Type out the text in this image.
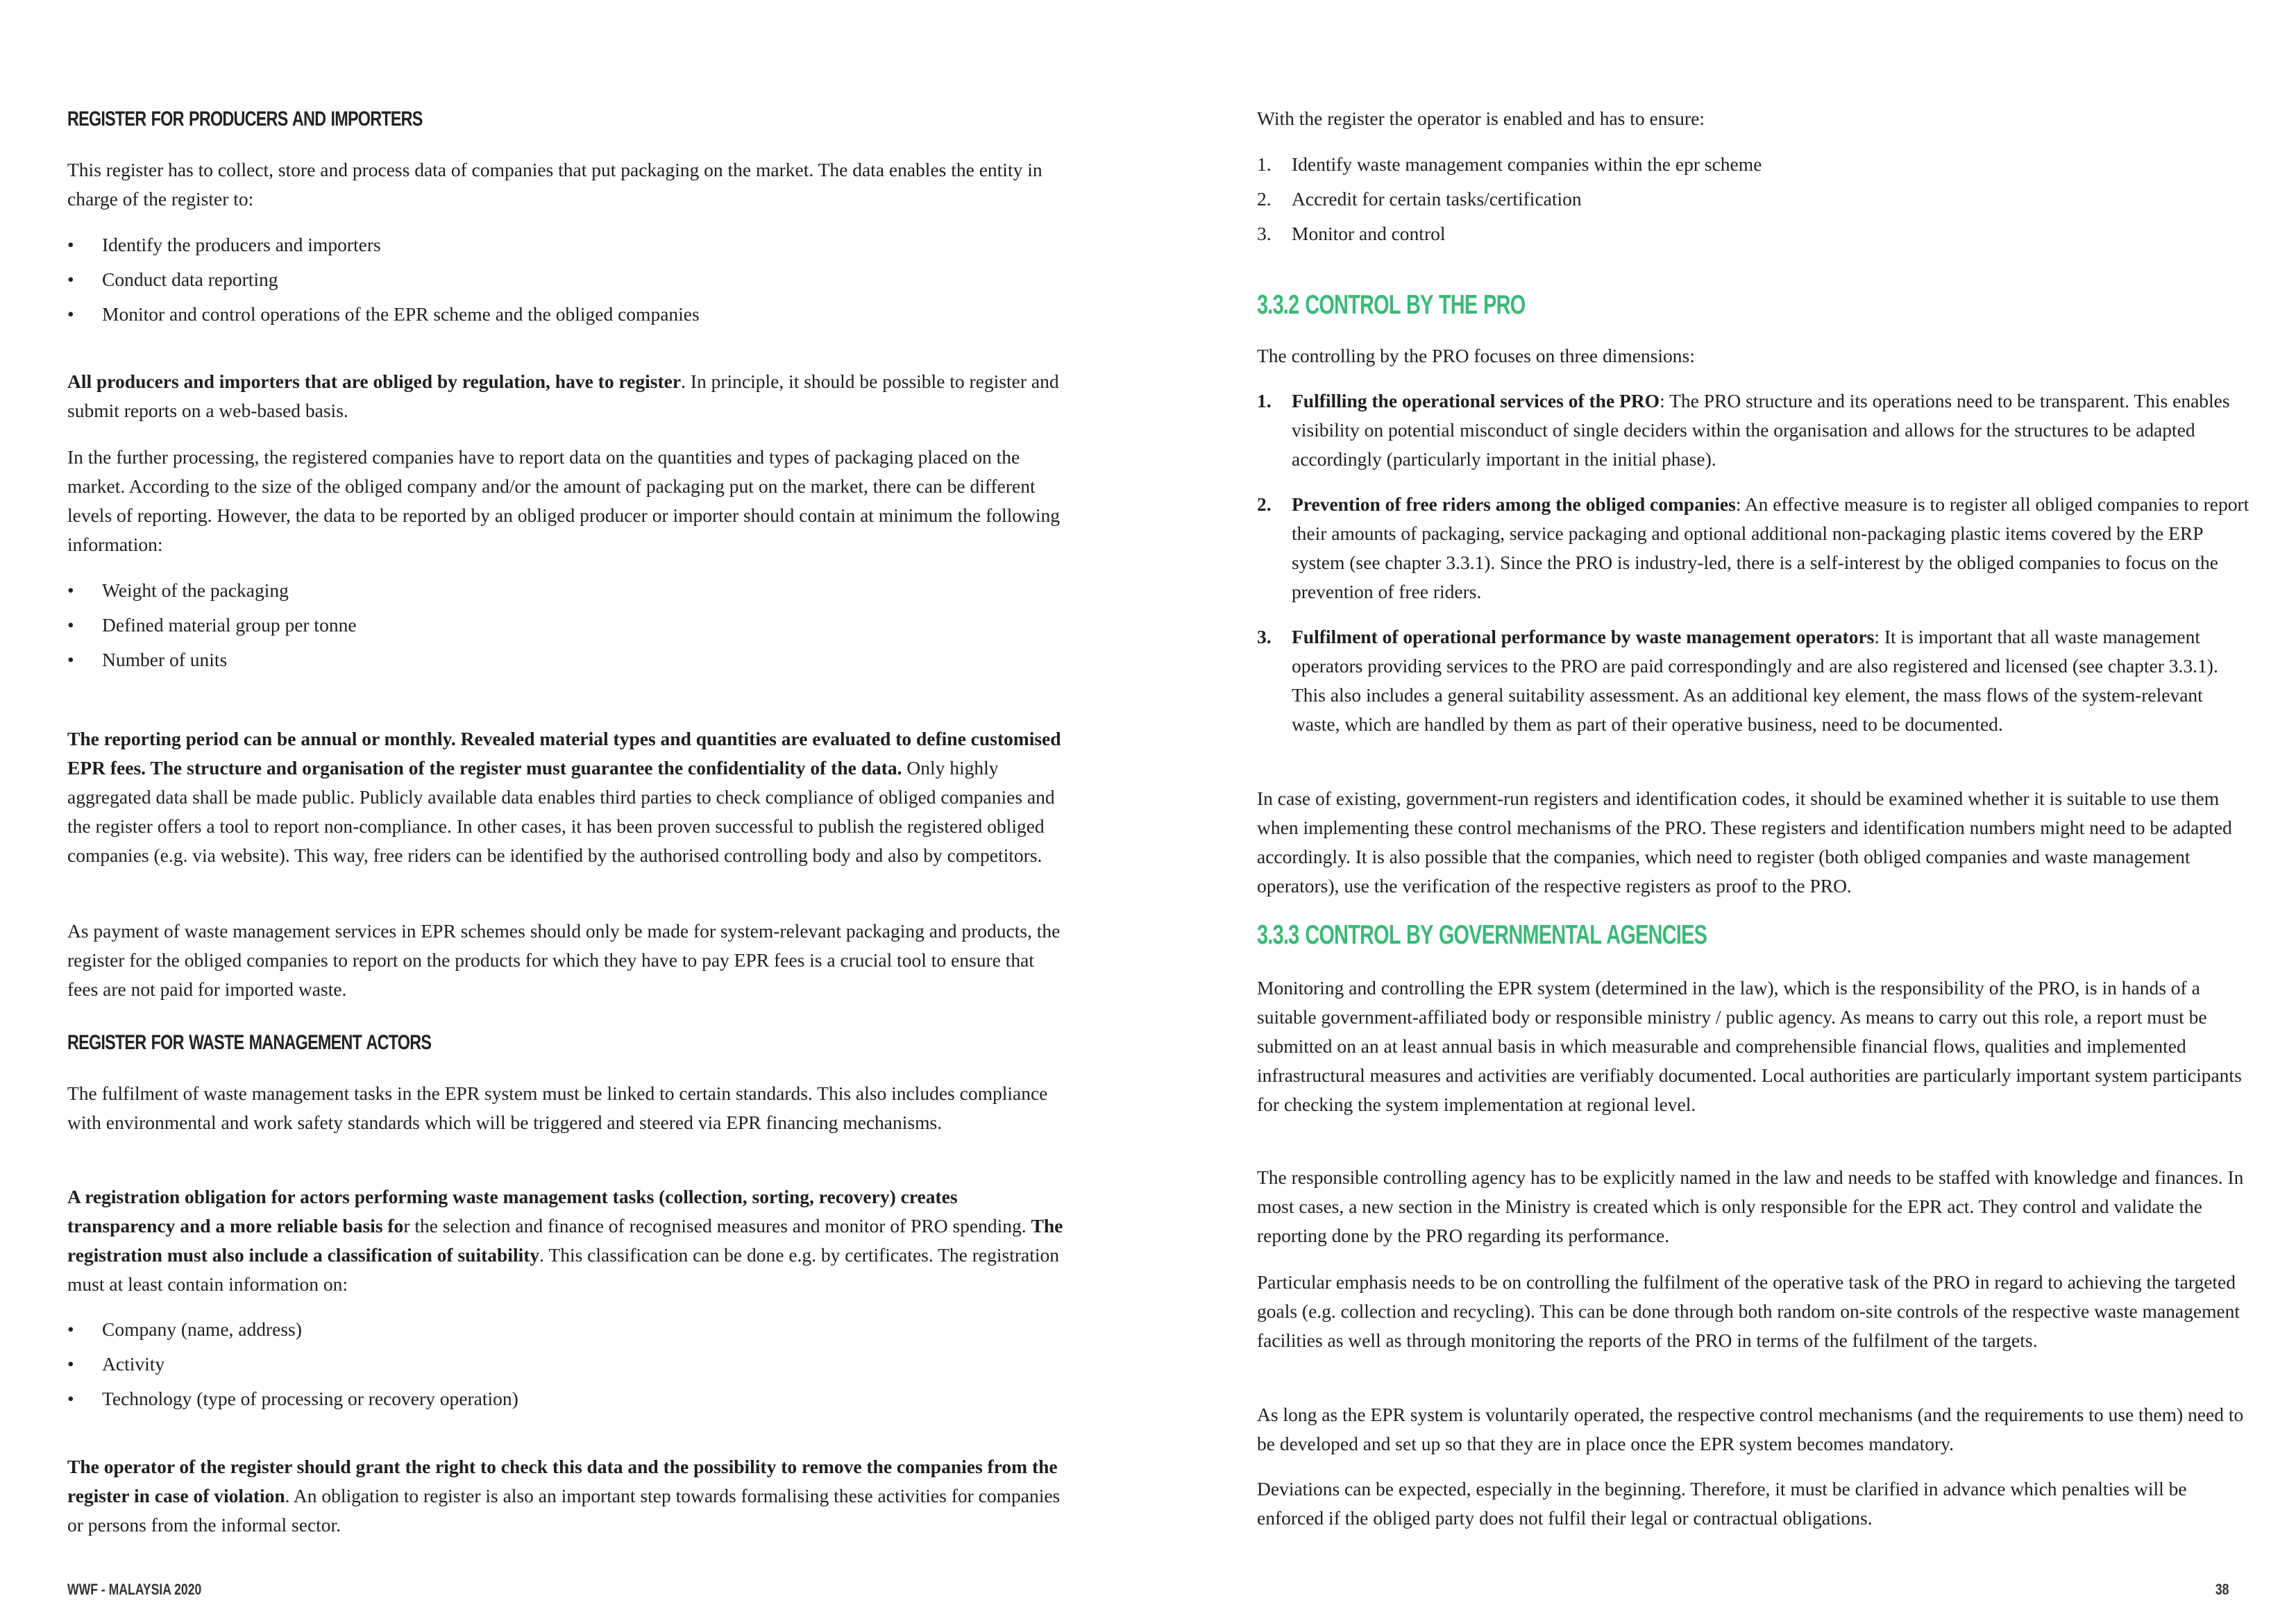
REGISTER FOR PRODUCERS AND IMPORTERS

This register has to collect, store and process data of companies that put packaging on the market. The data enables the entity in charge of the register to:

• Identify the producers and importers
• Conduct data reporting
• Monitor and control operations of the EPR scheme and the obliged companies

All producers and importers that are obliged by regulation, have to register. In principle, it should be possible to register and submit reports on a web-based basis.

In the further processing, the registered companies have to report data on the quantities and types of packaging placed on the market. According to the size of the obliged company and/or the amount of packaging put on the market, there can be different levels of reporting. However, the data to be reported by an obliged producer or importer should contain at minimum the following information:

• Weight of the packaging
• Defined material group per tonne
• Number of units

The reporting period can be annual or monthly. Revealed material types and quantities are evaluated to define customised EPR fees. The structure and organisation of the register must guarantee the confidentiality of the data. Only highly aggregated data shall be made public. Publicly available data enables third parties to check compliance of obliged companies and the register offers a tool to report non-compliance. In other cases, it has been proven successful to publish the registered obliged companies (e.g. via website). This way, free riders can be identified by the authorised controlling body and also by competitors.

As payment of waste management services in EPR schemes should only be made for system-relevant packaging and products, the register for the obliged companies to report on the products for which they have to pay EPR fees is a crucial tool to ensure that fees are not paid for imported waste.

REGISTER FOR WASTE MANAGEMENT ACTORS

The fulfilment of waste management tasks in the EPR system must be linked to certain standards. This also includes compliance with environmental and work safety standards which will be triggered and steered via EPR financing mechanisms.

A registration obligation for actors performing waste management tasks (collection, sorting, recovery) creates transparency and a more reliable basis for the selection and finance of recognised measures and monitor of PRO spending. The registration must also include a classification of suitability. This classification can be done e.g. by certificates. The registration must at least contain information on:

• Company (name, address)
• Activity
• Technology (type of processing or recovery operation)

The operator of the register should grant the right to check this data and the possibility to remove the companies from the register in case of violation. An obligation to register is also an important step towards formalising these activities for companies or persons from the informal sector.

With the register the operator is enabled and has to ensure:

1. Identify waste management companies within the epr scheme
2. Accredit for certain tasks/certification
3. Monitor and control
3.3.2 CONTROL BY THE PRO

The controlling by the PRO focuses on three dimensions:

1. Fulfilling the operational services of the PRO: The PRO structure and its operations need to be transparent. This enables visibility on potential misconduct of single deciders within the organisation and allows for the structures to be adapted accordingly (particularly important in the initial phase).
2. Prevention of free riders among the obliged companies: An effective measure is to register all obliged companies to report their amounts of packaging, service packaging and optional additional non-packaging plastic items covered by the ERP system (see chapter 3.3.1). Since the PRO is industry-led, there is a self-interest by the obliged companies to focus on the prevention of free riders.
3. Fulfilment of operational performance by waste management operators: It is important that all waste management operators providing services to the PRO are paid correspondingly and are also registered and licensed (see chapter 3.3.1). This also includes a general suitability assessment. As an additional key element, the mass flows of the system-relevant waste, which are handled by them as part of their operative business, need to be documented.

In case of existing, government-run registers and identification codes, it should be examined whether it is suitable to use them when implementing these control mechanisms of the PRO. These registers and identification numbers might need to be adapted accordingly. It is also possible that the companies, which need to register (both obliged companies and waste management operators), use the verification of the respective registers as proof to the PRO.

3.3.3 CONTROL BY GOVERNMENTAL AGENCIES

Monitoring and controlling the EPR system (determined in the law), which is the responsibility of the PRO, is in hands of a suitable government-affiliated body or responsible ministry / public agency. As means to carry out this role, a report must be submitted on an at least annual basis in which measurable and comprehensible financial flows, qualities and implemented infrastructural measures and activities are verifiably documented. Local authorities are particularly important system participants for checking the system implementation at regional level.

The responsible controlling agency has to be explicitly named in the law and needs to be staffed with knowledge and finances. In most cases, a new section in the Ministry is created which is only responsible for the EPR act. They control and validate the reporting done by the PRO regarding its performance.

Particular emphasis needs to be on controlling the fulfilment of the operative task of the PRO in regard to achieving the targeted goals (e.g. collection and recycling). This can be done through both random on-site controls of the respective waste management facilities as well as through monitoring the reports of the PRO in terms of the fulfilment of the targets.

As long as the EPR system is voluntarily operated, the respective control mechanisms (and the requirements to use them) need to be developed and set up so that they are in place once the EPR system becomes mandatory.

Deviations can be expected, especially in the beginning. Therefore, it must be clarified in advance which penalties will be enforced if the obliged party does not fulfil their legal or contractual obligations.

WWF - MALAYSIA 2020	38
